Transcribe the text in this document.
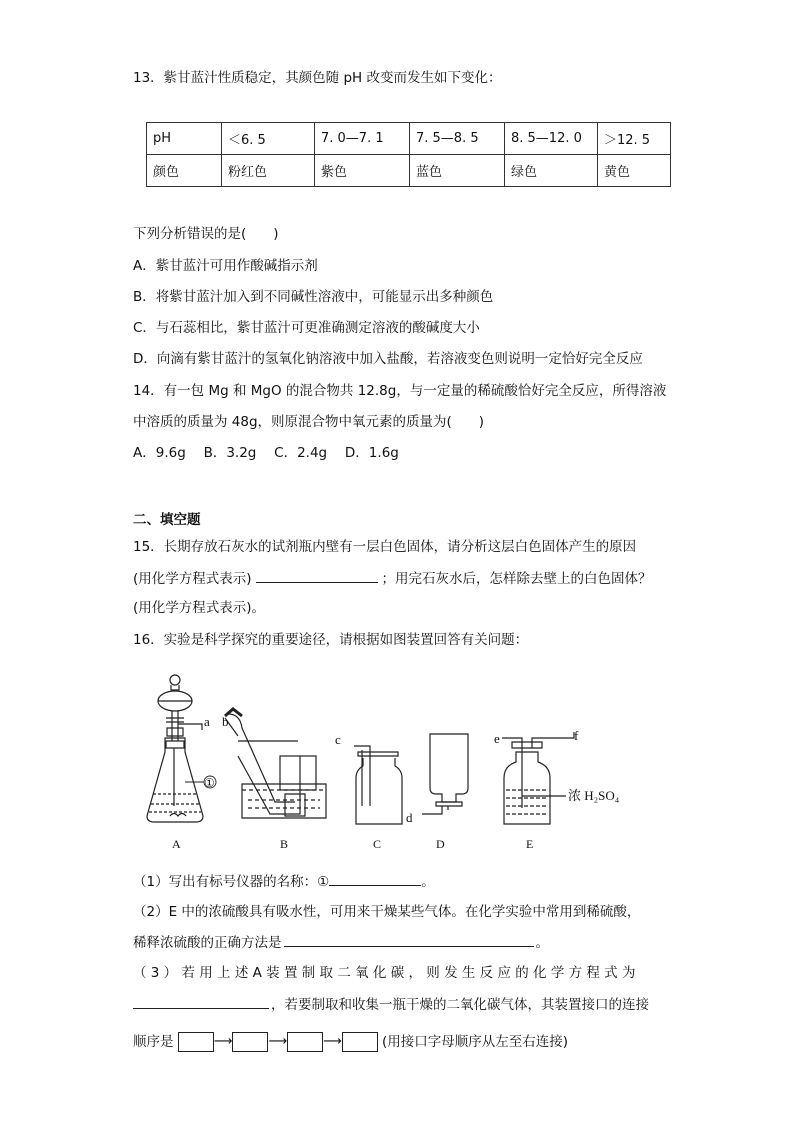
13．紫甘蓝汁性质稳定，其颜色随 pH 改变而发生如下变化：
pH	＜6. 5	7. 0—7. 1	7. 5—8. 5	8. 5—12. 0	＞12. 5
颜色	粉红色	紫色	蓝色	绿色	黄色
下列分析错误的是(　　)
A．紫甘蓝汁可用作酸碱指示剂
B．将紫甘蓝汁加入到不同碱性溶液中，可能显示出多种颜色
C．与石蕊相比，紫甘蓝汁可更准确测定溶液的酸碱度大小
D．向滴有紫甘蓝汁的氢氧化钠溶液中加入盐酸，若溶液变色则说明一定恰好完全反应
14．有一包 Mg 和 MgO 的混合物共 12.8g，与一定量的稀硫酸恰好完全反应，所得溶液
中溶质的质量为 48g，则原混合物中氧元素的质量为(　　)
A．9.6g　 B．3.2g　 C．2.4g　 D．1.6g
二、填空题
15．长期存放石灰水的试剂瓶内壁有一层白色固体，请分析这层白色固体产生的原因
(用化学方程式表示)	；用完石灰水后，怎样除去壁上的白色固体？
(用化学方程式表示)。
16．实验是科学探究的重要途径，请根据如图装置回答有关问题：
a b
c
d
e	f
①
浓 H₂SO₄
A	B	C	D	E
（1）写出有标号仪器的名称：①	。
（2）E 中的浓硫酸具有吸水性，可用来干燥某些气体。在化学实验中常用到稀硫酸，
稀释浓硫酸的正确方法是	。
（ 3 ） 若 用 上 述 A 装 置 制 取 二 氧 化 碳 ， 则 发 生 反 应 的 化 学 方 程 式 为
，若要制取和收集一瓶干燥的二氧化碳气体，其装置接口的连接
顺序是	⟶	⟶	⟶	(用接口字母顺序从左至右连接)
